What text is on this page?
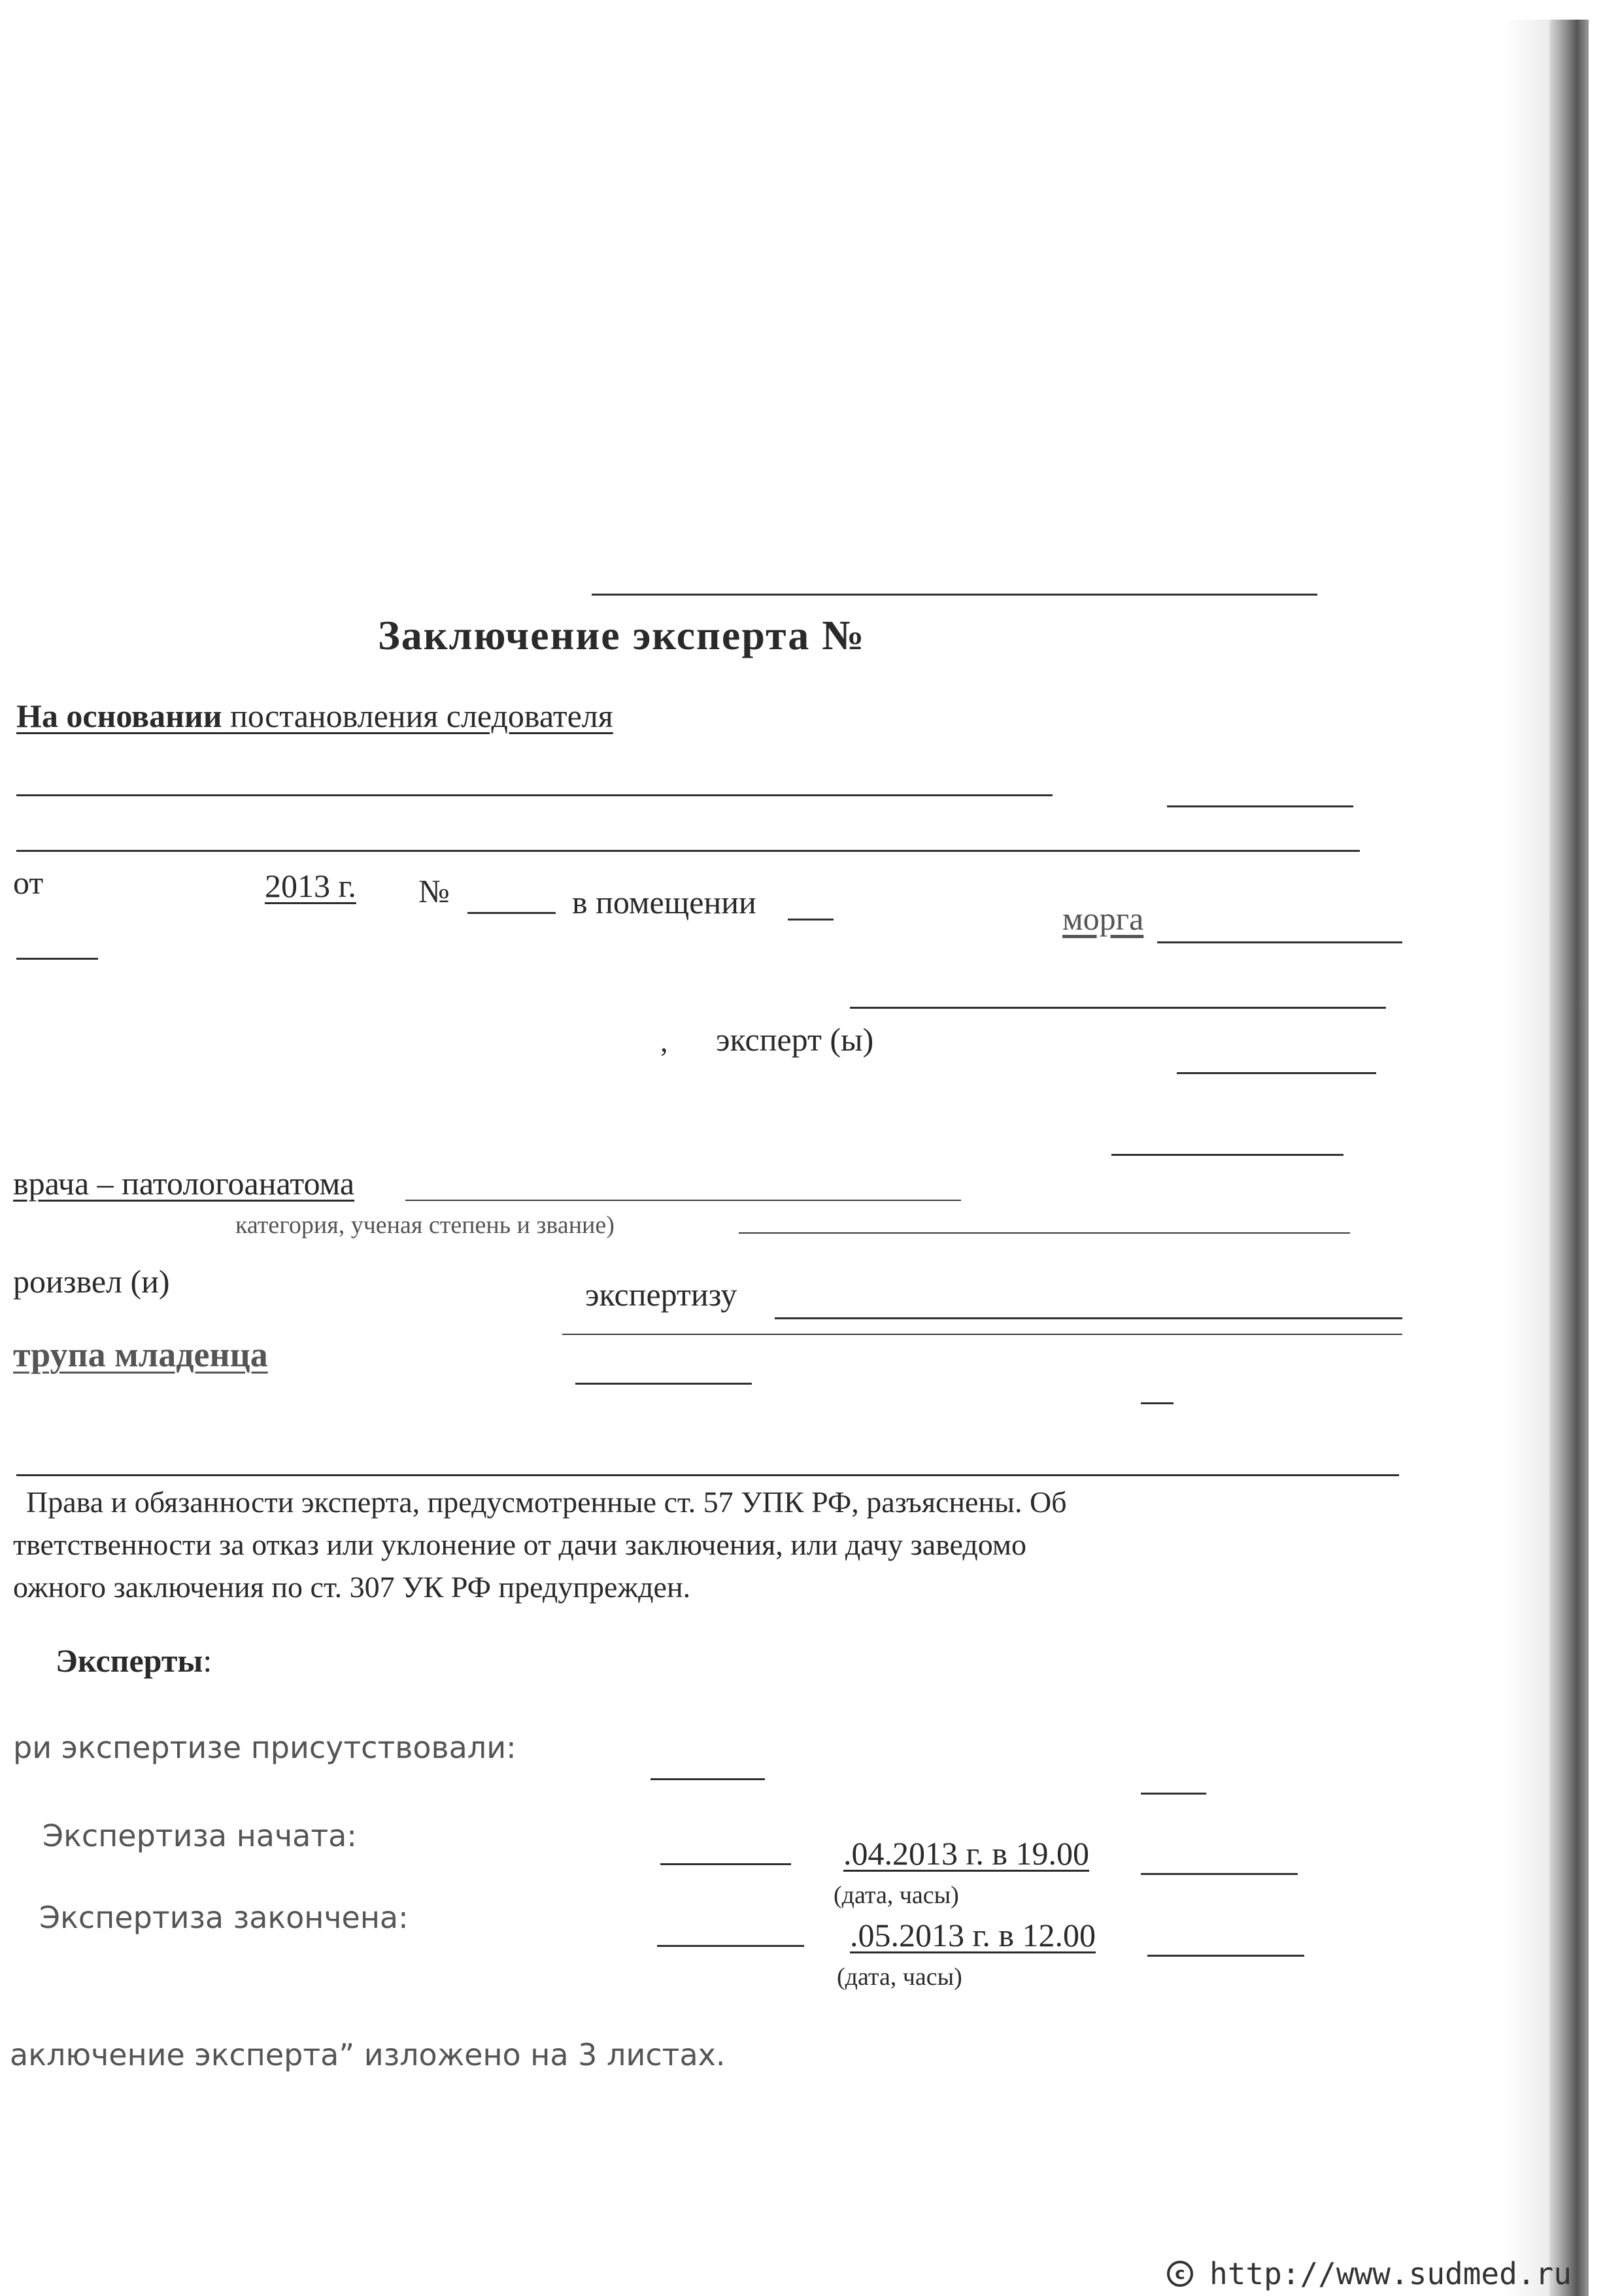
Заключение эксперта №
На основании постановления следователя
от	2013 г. №	в помещении	морга
, эксперт (ы)
врача – патологоанатома
категория, ученая степень и звание)
роизвел (и)	экспертизу
трупа младенца
Права и обязанности эксперта, предусмотренные ст. 57 УПК РФ, разъяснены. Об
тветственности за отказ или уклонение от дачи заключения, или дачу заведомо
ожного заключения по ст. 307 УК РФ предупрежден.
Эксперты:
ри экспертизе присутствовали:
Экспертиза начата:	.04.2013 г. в 19.00
(дата, часы)
Экспертиза закончена:	.05.2013 г. в 12.00
(дата, часы)
аключение эксперта” изложено на 3 листах.
c http://www.sudmed.ru
